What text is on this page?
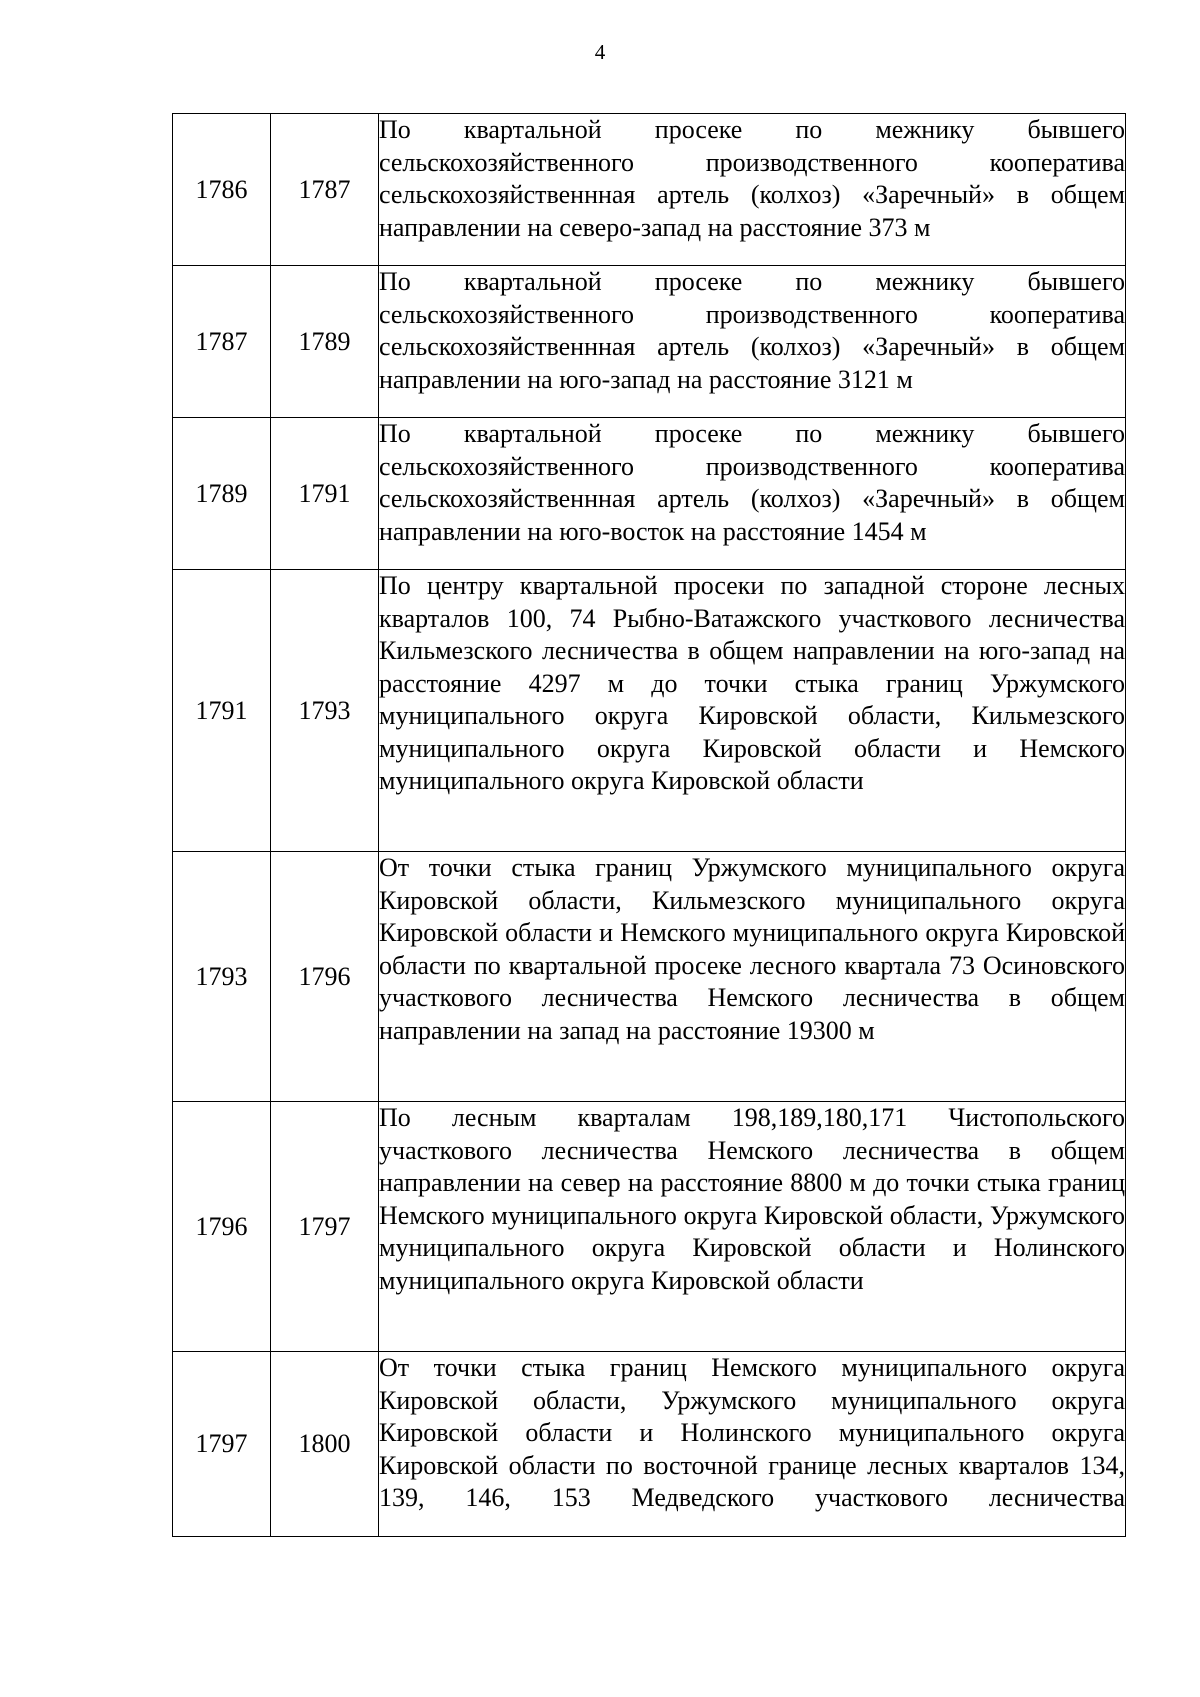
4
1786	1787	По квартальной просеке по межнику бывшего сельскохозяйственного производственного кооператива сельскохозяйственнная артель (колхоз) «Заречный» в общем направлении на северо-запад на расстояние 373 м
1787	1789	По квартальной просеке по межнику бывшего сельскохозяйственного производственного кооператива сельскохозяйственнная артель (колхоз) «Заречный» в общем направлении на юго-запад на расстояние 3121 м
1789	1791	По квартальной просеке по межнику бывшего сельскохозяйственного производственного кооператива сельскохозяйственнная артель (колхоз) «Заречный» в общем направлении на юго-восток на расстояние 1454 м
1791	1793	По центру квартальной просеки по западной стороне лесных кварталов 100, 74 Рыбно-Ватажского участкового лесничества Кильмезского лесничества в общем направлении на юго-запад на расстояние 4297 м до точки стыка границ Уржумского муниципального округа Кировской области, Кильмезского муниципального округа Кировской области и Немского муниципального округа Кировской области
1793	1796	От точки стыка границ Уржумского муниципального округа Кировской области, Кильмезского муниципального округа Кировской области и Немского муниципального округа Кировской области по квартальной просеке лесного квартала 73 Осиновского участкового лесничества Немского лесничества в общем направлении на запад на расстояние 19300 м
1796	1797	По лесным кварталам 198,189,180,171 Чистопольского участкового лесничества Немского лесничества в общем направлении на север на расстояние 8800 м до точки стыка границ Немского муниципального округа Кировской области, Уржумского муниципального округа Кировской области и Нолинского муниципального округа Кировской области
1797	1800	От точки стыка границ Немского муниципального округа Кировской области, Уржумского муниципального округа Кировской области и Нолинского муниципального округа Кировской области по восточной границе лесных кварталов 134, 139, 146, 153 Медведского участкового лесничества
